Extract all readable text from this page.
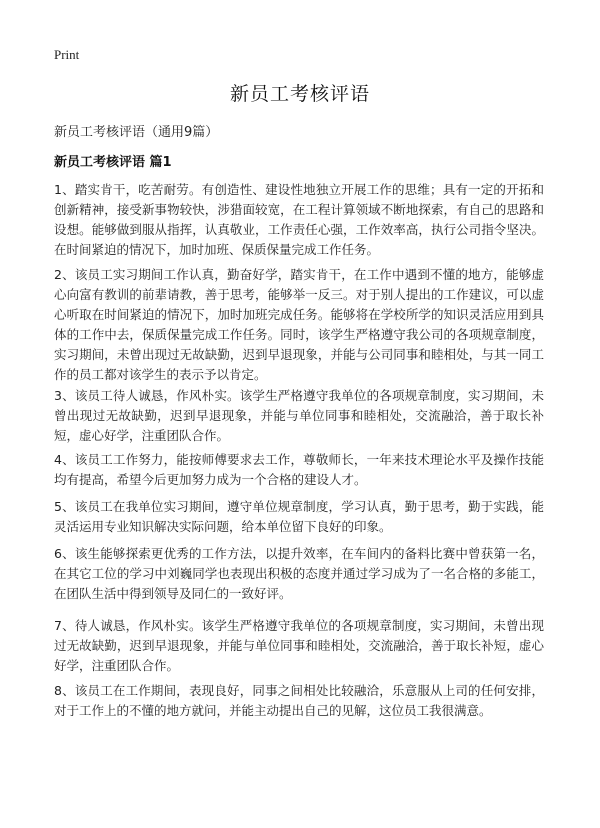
Print
新员工考核评语
新员工考核评语（通用9篇）
新员工考核评语 篇1

1、踏实肯干，吃苦耐劳。有创造性、建设性地独立开展工作的思维；具有一定的开拓和创新精神，接受新事物较快，涉猎面较宽，在工程计算领域不断地探索，有自己的思路和设想。能够做到服从指挥，认真敬业，工作责任心强，工作效率高，执行公司指令坚决。在时间紧迫的情况下，加时加班、保质保量完成工作任务。

2、该员工实习期间工作认真，勤奋好学，踏实肯干，在工作中遇到不懂的地方，能够虚心向富有教训的前辈请教，善于思考，能够举一反三。对于别人提出的工作建议，可以虚心听取在时间紧迫的情况下，加时加班完成任务。能够将在学校所学的知识灵活应用到具体的工作中去，保质保量完成工作任务。同时，该学生严格遵守我公司的各项规章制度，实习期间，未曾出现过无故缺勤，迟到早退现象，并能与公司同事和睦相处，与其一同工作的员工都对该学生的表示予以肯定。

3、该员工待人诚恳，作风朴实。该学生严格遵守我单位的各项规章制度，实习期间，未曾出现过无故缺勤，迟到早退现象，并能与单位同事和睦相处，交流融洽，善于取长补短，虚心好学，注重团队合作。

4、该员工工作努力，能按师傅要求去工作，尊敬师长，一年来技术理论水平及操作技能均有提高，希望今后更加努力成为一个合格的建设人才。

5、该员工在我单位实习期间，遵守单位规章制度，学习认真，勤于思考，勤于实践，能灵活运用专业知识解决实际问题，给本单位留下良好的印象。

6、该生能够探索更优秀的工作方法，以提升效率，在车间内的备料比赛中曾获第一名，在其它工位的学习中刘巍同学也表现出积极的态度并通过学习成为了一名合格的多能工，在团队生活中得到领导及同仁的一致好评。

7、待人诚恳，作风朴实。该学生严格遵守我单位的各项规章制度，实习期间，未曾出现过无故缺勤，迟到早退现象，并能与单位同事和睦相处，交流融洽，善于取长补短，虚心好学，注重团队合作。

8、该员工在工作期间，表现良好，同事之间相处比较融洽，乐意服从上司的任何安排，对于工作上的不懂的地方就问，并能主动提出自己的见解，这位员工我很满意。
